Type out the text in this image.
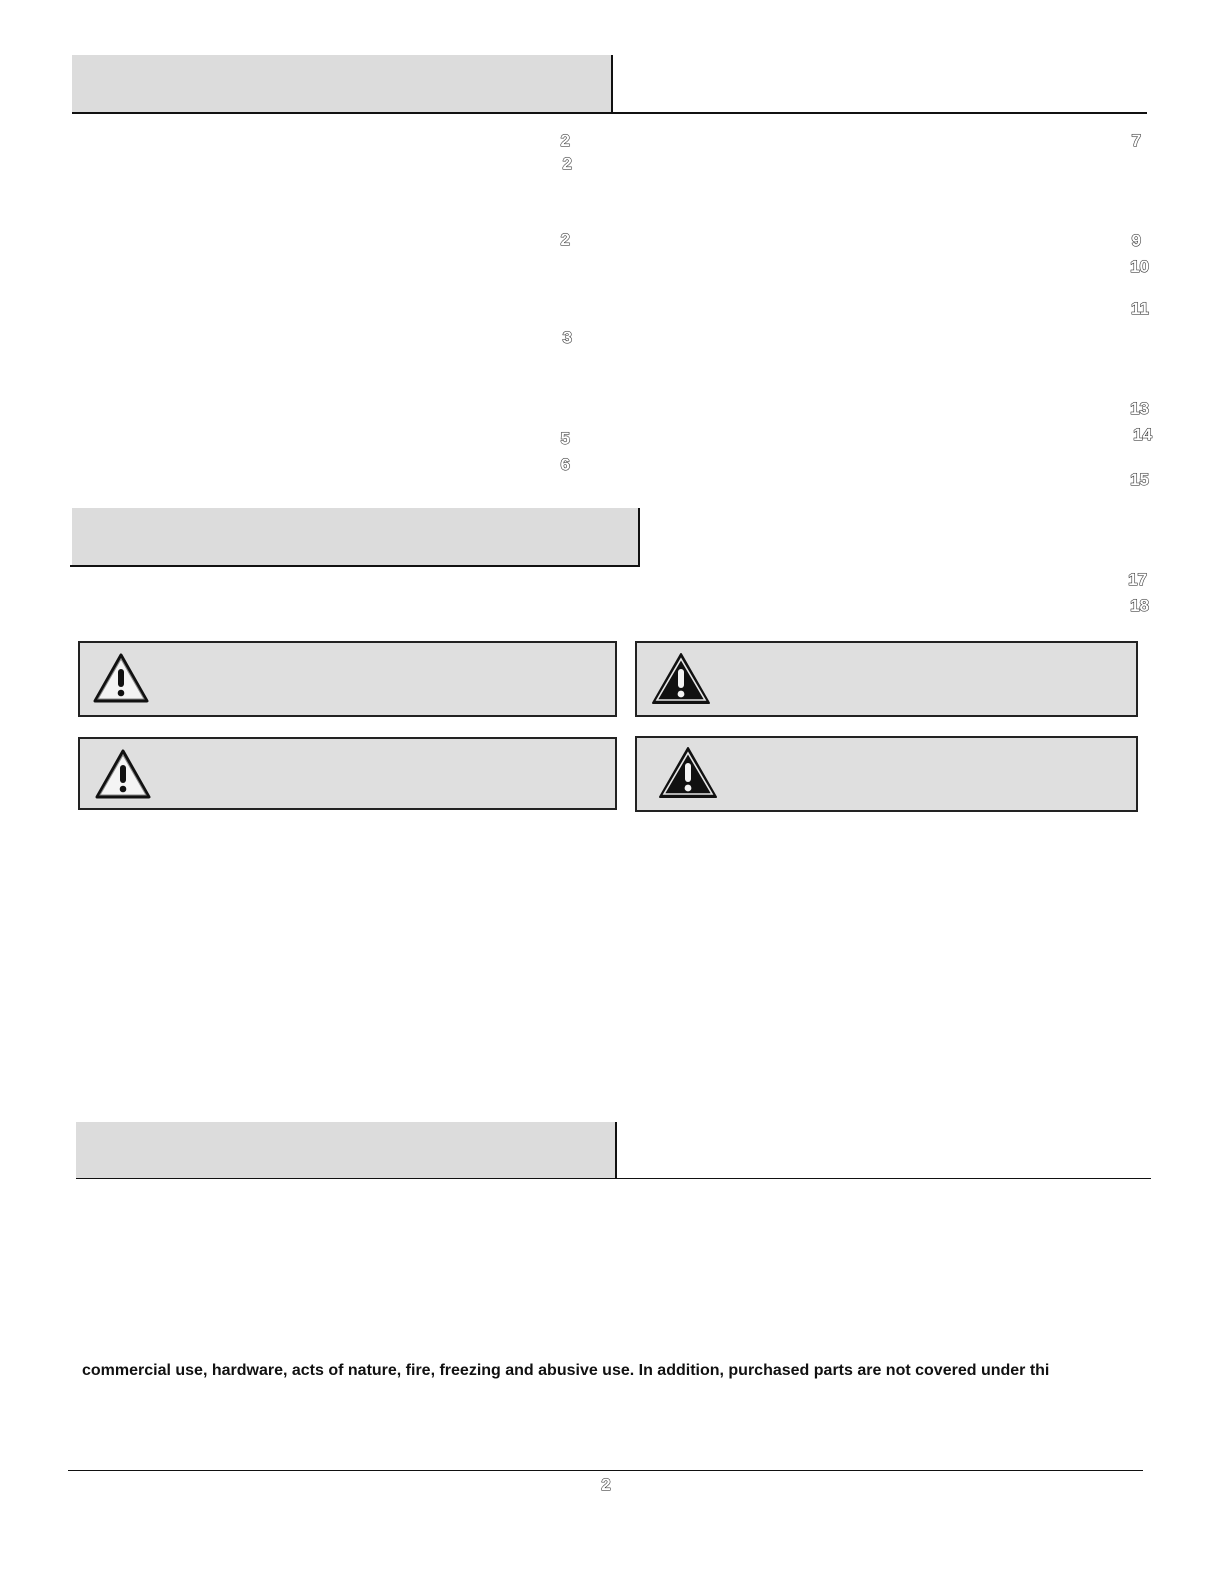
2
2
2
3
5
6
7
9
10
11
13
14
15
17
18
commercial use, hardware, acts of nature, fire, freezing and abusive use. In addition, purchased parts are not covered under thi
2
